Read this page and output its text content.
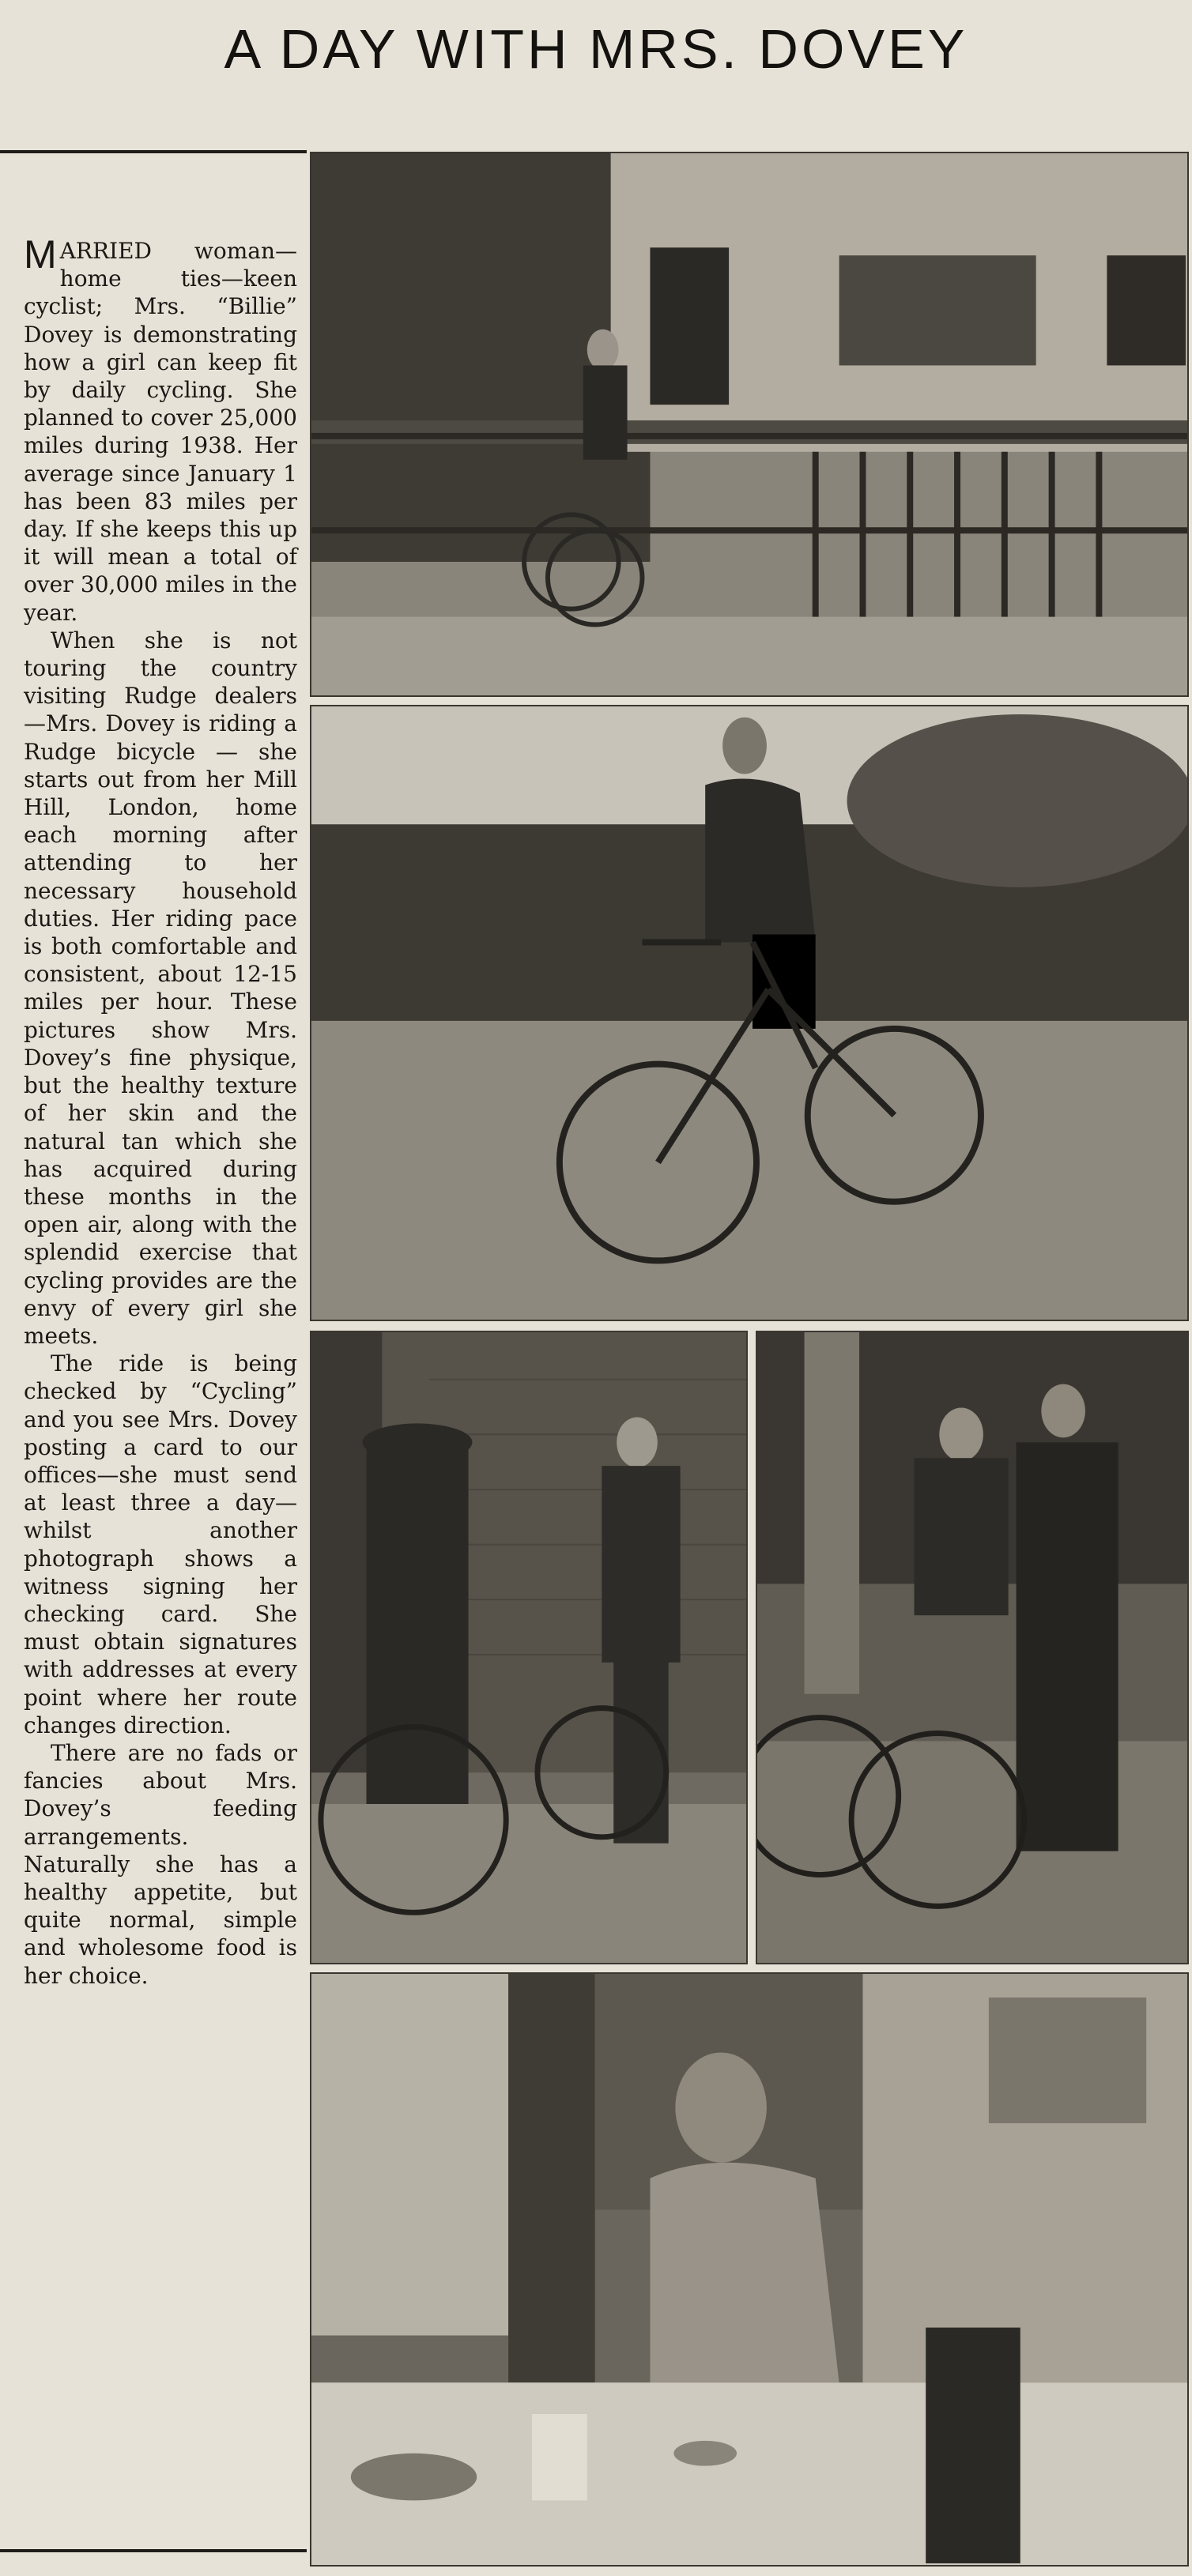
A DAY WITH MRS. DOVEY

MARRIED woman—home ties—keen cyclist; Mrs. “Billie” Dovey is demonstrating how a girl can keep fit by daily cycling. She planned to cover 25,000 miles during 1938. Her average since January 1 has been 83 miles per day. If she keeps this up it will mean a total of over 30,000 miles in the year.

When she is not touring the country visiting Rudge dealers—Mrs. Dovey is riding a Rudge bicycle — she starts out from her Mill Hill, London, home each morning after attending to her necessary household duties. Her riding pace is both comfortable and consistent, about 12-15 miles per hour. These pictures show Mrs. Dovey’s fine physique, but the healthy texture of her skin and the natural tan which she has acquired during these months in the open air, along with the splendid exercise that cycling provides are the envy of every girl she meets.

The ride is being checked by “Cycling” and you see Mrs. Dovey posting a card to our offices—she must send at least three a day—whilst another photograph shows a witness signing her checking card. She must obtain signatures with addresses at every point where her route changes direction.

There are no fads or fancies about Mrs. Dovey’s feeding arrangements. Naturally she has a healthy appetite, but quite normal, simple and wholesome food is her choice.
